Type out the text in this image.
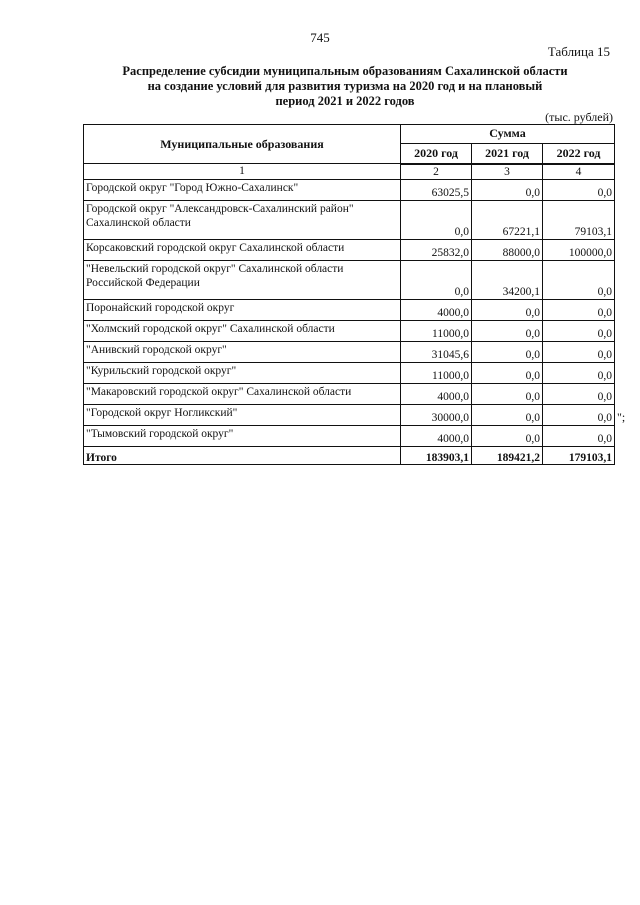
745
Таблица 15
Распределение субсидии муниципальным образованиям Сахалинской области
на создание условий для развития туризма на 2020 год и на плановый
период 2021 и 2022 годов
(тыс. рублей)
Муниципальные образования	Сумма		
	2020 год	2021 год	2022 год
1	2	3	4
Городской округ "Город Южно-Сахалинск"	63025,5	0,0	0,0
Городской округ "Александровск-Сахалинский район" Сахалинской области	0,0	67221,1	79103,1
Корсаковский городской округ Сахалинской области	25832,0	88000,0	100000,0
"Невельский городской округ" Сахалинской области Российской Федерации	0,0	34200,1	0,0
Поронайский городской округ	4000,0	0,0	0,0
"Холмский городской округ" Сахалинской области	11000,0	0,0	0,0
"Анивский городской округ"	31045,6	0,0	0,0
"Курильский городской округ"	11000,0	0,0	0,0
"Макаровский городской округ" Сахалинской области	4000,0	0,0	0,0
"Городской округ Ногликский"	30000,0	0,0	0,0
"Тымовский городской округ"	4000,0	0,0	0,0
Итого	183903,1	189421,2	179103,1
";
